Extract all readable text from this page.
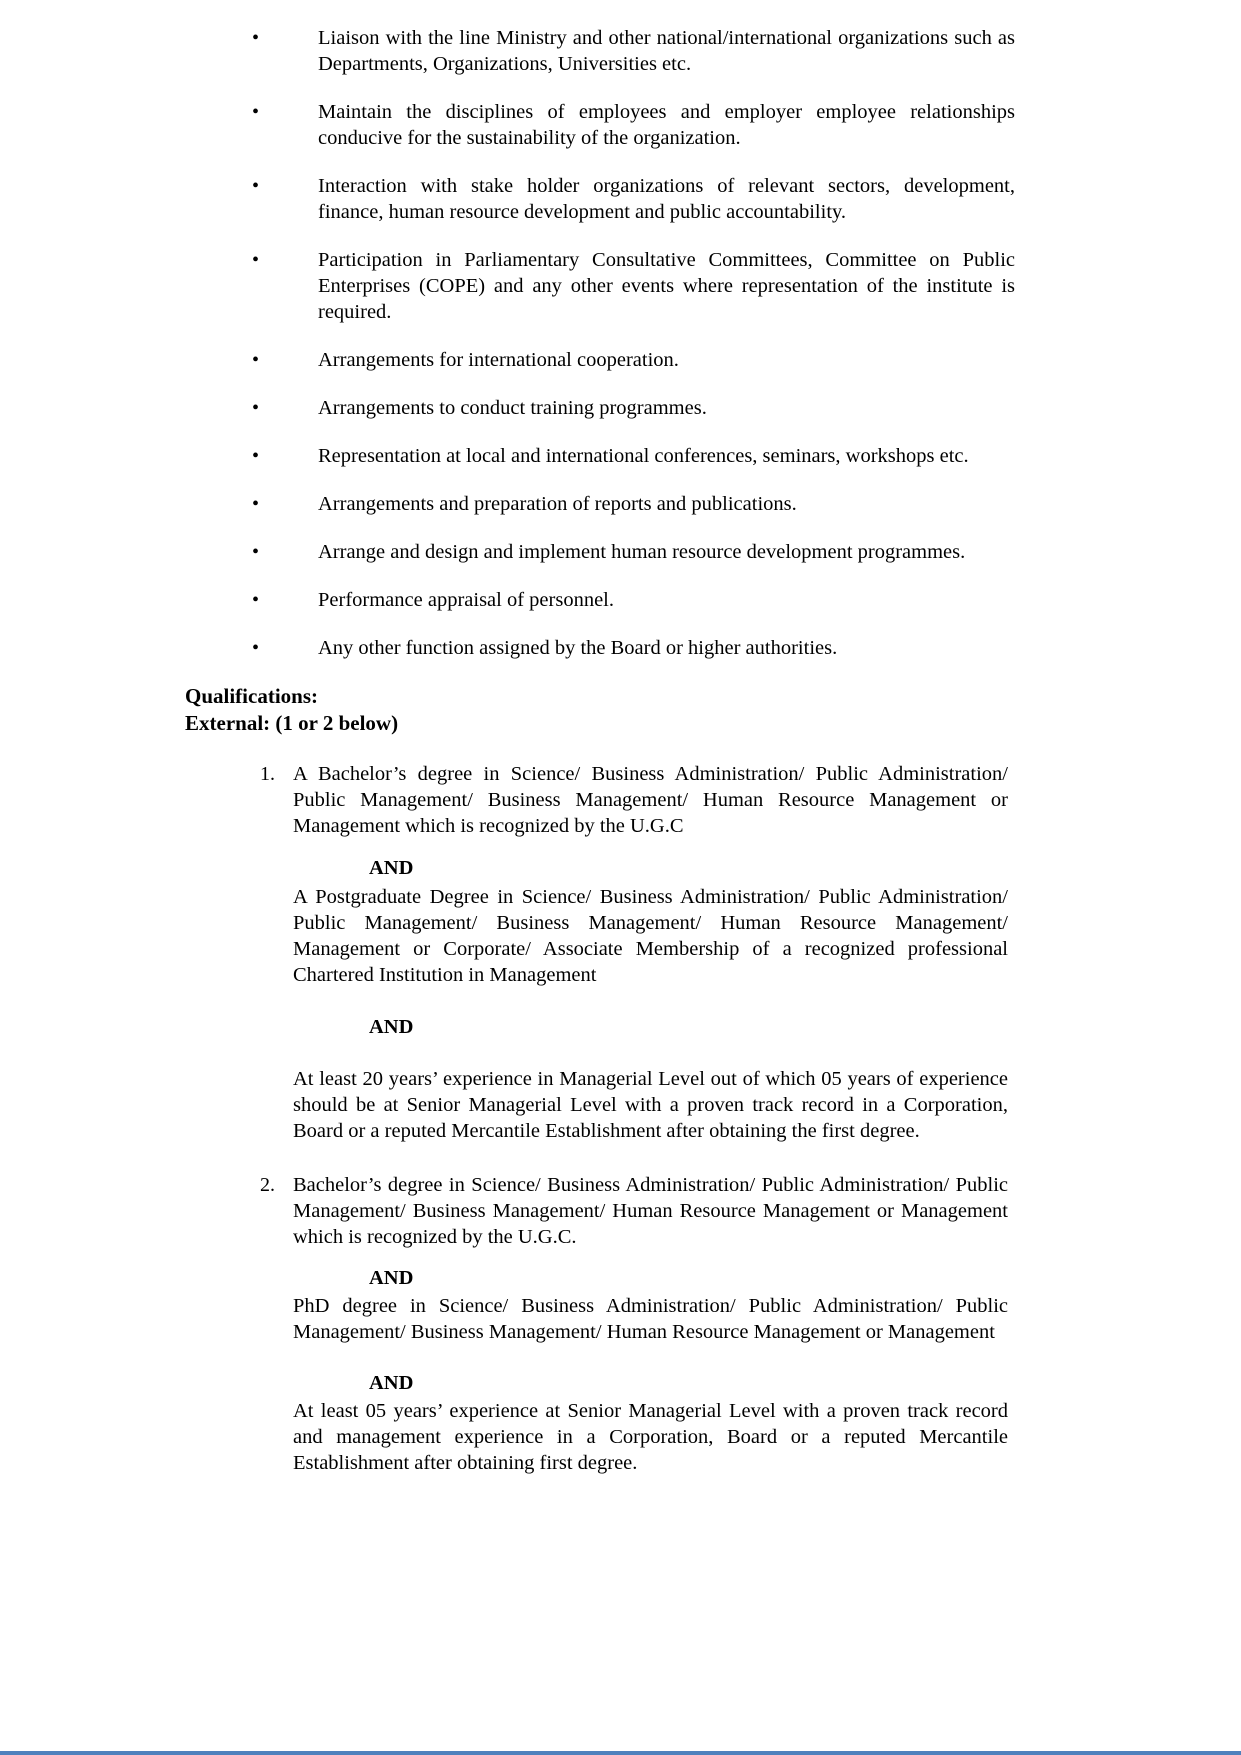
•	Liaison with the line Ministry and other national/international organizations such as Departments, Organizations, Universities etc.
•	Maintain the disciplines of employees and employer employee relationships conducive for the sustainability of the organization.
•	Interaction with stake holder organizations of relevant sectors, development, finance, human resource development and public accountability.
•	Participation in Parliamentary Consultative Committees, Committee on Public Enterprises (COPE) and any other events where representation of the institute is required.
•	Arrangements for international cooperation.
•	Arrangements to conduct training programmes.
•	Representation at local and international conferences, seminars, workshops etc.
•	Arrangements and preparation of reports and publications.
•	Arrange and design and implement human resource development programmes.
•	Performance appraisal of personnel.
•	Any other function assigned by the Board or higher authorities.
Qualifications:
External: (1 or 2 below)
1. A Bachelor’s degree in Science/ Business Administration/ Public Administration/ Public Management/ Business Management/ Human Resource Management or Management which is recognized by the U.G.C

AND

A Postgraduate Degree in Science/ Business Administration/ Public Administration/ Public Management/ Business Management/ Human Resource Management/ Management or Corporate/ Associate Membership of a recognized professional Chartered Institution in Management

AND

At least 20 years’ experience in Managerial Level out of which 05 years of experience should be at Senior Managerial Level with a proven track record in a Corporation, Board or a reputed Mercantile Establishment after obtaining the first degree.

2. Bachelor’s degree in Science/ Business Administration/ Public Administration/ Public Management/ Business Management/ Human Resource Management or Management which is recognized by the U.G.C.

AND

PhD degree in Science/ Business Administration/ Public Administration/ Public Management/ Business Management/ Human Resource Management or Management

AND

At least 05 years’ experience at Senior Managerial Level with a proven track record and management experience in a Corporation, Board or a reputed Mercantile Establishment after obtaining first degree.
